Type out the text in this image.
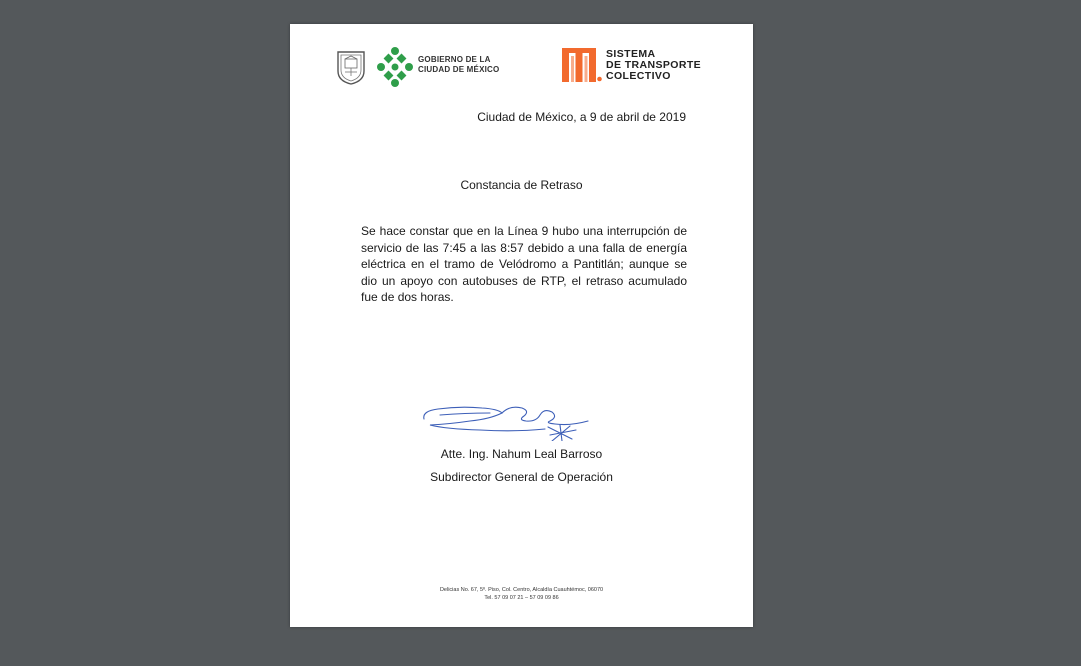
GOBIERNO DE LA
CIUDAD DE MÉXICO
SISTEMA
DE TRANSPORTE
COLECTIVO
Ciudad de México, a 9 de abril de 2019
Constancia de Retraso
Se hace constar que en la Línea 9 hubo una interrupción de servicio de las 7:45 a las 8:57 debido a una falla de energía eléctrica en el tramo de Velódromo a Pantitlán; aunque se dio un apoyo con autobuses de RTP, el retraso acumulado fue de dos horas.
Atte. Ing. Nahum Leal Barroso
Subdirector General de Operación
Delicias No. 67, 5º. Piso, Col. Centro, Alcaldía Cuauhtémoc, 06070
Tel. 57 09 07 21 – 57 09 09 86
